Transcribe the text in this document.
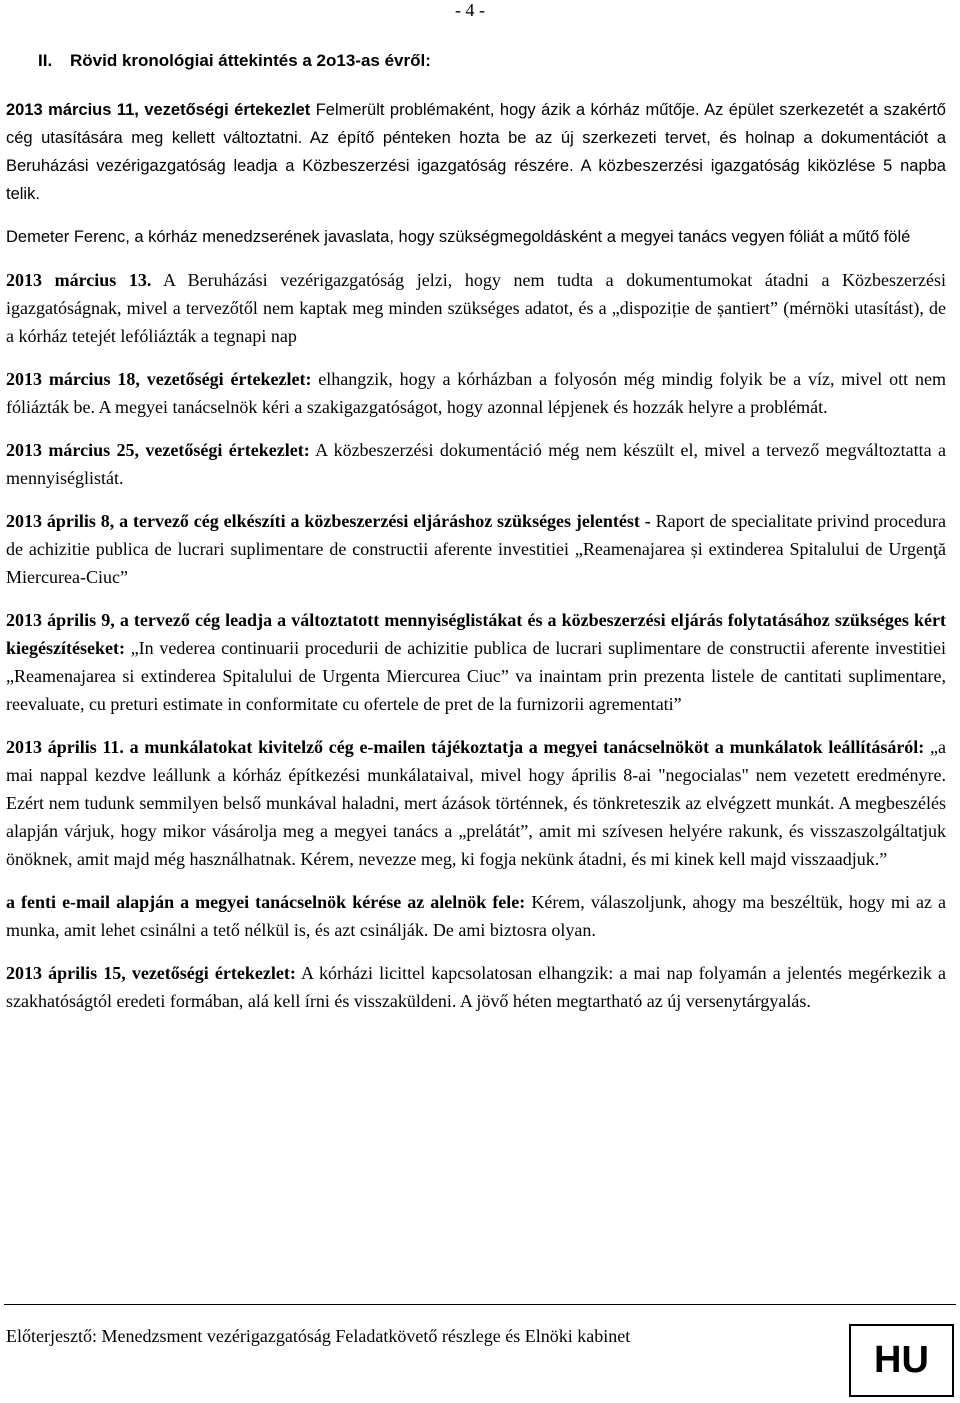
- 4 -
II. Rövid kronológiai áttekintés a 2o13-as évről:

2013 március 11, vezetőségi értekezlet Felmerült problémaként, hogy ázik a kórház műtője. Az épület szerkezetét a szakértő cég utasítására meg kellett változtatni. Az építő pénteken hozta be az új szerkezeti tervet, és holnap a dokumentációt a Beruházási vezérigazgatóság leadja a Közbeszerzési igazgatóság részére. A közbeszerzési igazgatóság kiközlése 5 napba telik.

Demeter Ferenc, a kórház menedzserének javaslata, hogy szükségmegoldásként a megyei tanács vegyen fóliát a műtő fölé

2013 március 13. A Beruházási vezérigazgatóság jelzi, hogy nem tudta a dokumentumokat átadni a Közbeszerzési igazgatóságnak, mivel a tervezőtől nem kaptak meg minden szükséges adatot, és a „dispoziție de șantiert” (mérnöki utasítást), de a kórház tetejét lefóliázták a tegnapi nap

2013 március 18, vezetőségi értekezlet: elhangzik, hogy a kórházban a folyosón még mindig folyik be a víz, mivel ott nem fóliázták be. A megyei tanácselnök kéri a szakigazgatóságot, hogy azonnal lépjenek és hozzák helyre a problémát.

2013 március 25, vezetőségi értekezlet: A közbeszerzési dokumentáció még nem készült el, mivel a tervező megváltoztatta a mennyiséglistát.

2013 április 8, a tervező cég elkészíti a közbeszerzési eljáráshoz szükséges jelentést - Raport de specialitate privind procedura de achizitie publica de lucrari suplimentare de constructii aferente investitiei „Reamenajarea și extinderea Spitalului de Urgenţă Miercurea-Ciuc”

2013 április 9, a tervező cég leadja a változtatott mennyiséglistákat és a közbeszerzési eljárás folytatásához szükséges kért kiegészítéseket: „In vederea continuarii procedurii de achizitie publica de lucrari suplimentare de constructii aferente investitiei „Reamenajarea si extinderea Spitalului de Urgenta Miercurea Ciuc” va inaintam prin prezenta listele de cantitati suplimentare, reevaluate, cu preturi estimate in conformitate cu ofertele de pret de la furnizorii agrementati”

2013 április 11. a munkálatokat kivitelző cég e-mailen tájékoztatja a megyei tanácselnököt a munkálatok leállításáról: „a mai nappal kezdve leállunk a kórház építkezési munkálataival, mivel hogy április 8-ai "negocialas" nem vezetett eredményre. Ezért nem tudunk semmilyen belső munkával haladni, mert ázások történnek, és tönkreteszik az elvégzett munkát. A megbeszélés alapján várjuk, hogy mikor vásárolja meg a megyei tanács a „prelátát”, amit mi szívesen helyére rakunk, és visszaszolgáltatjuk önöknek, amit majd még használhatnak. Kérem, nevezze meg, ki fogja nekünk átadni, és mi kinek kell majd visszaadjuk.”

a fenti e-mail alapján a megyei tanácselnök kérése az alelnök fele: Kérem, válaszoljunk, ahogy ma beszéltük, hogy mi az a munka, amit lehet csinálni a tető nélkül is, és azt csinálják. De ami biztosra olyan.

2013 április 15, vezetőségi értekezlet: A kórházi licittel kapcsolatosan elhangzik: a mai nap folyamán a jelentés megérkezik a szakhatóságtól eredeti formában, alá kell írni és visszaküldeni. A jövő héten megtartható az új versenytárgyalás.

Előterjesztő: Menedzsment vezérigazgatóság Feladatkövető részlege és Elnöki kabinet
HU
